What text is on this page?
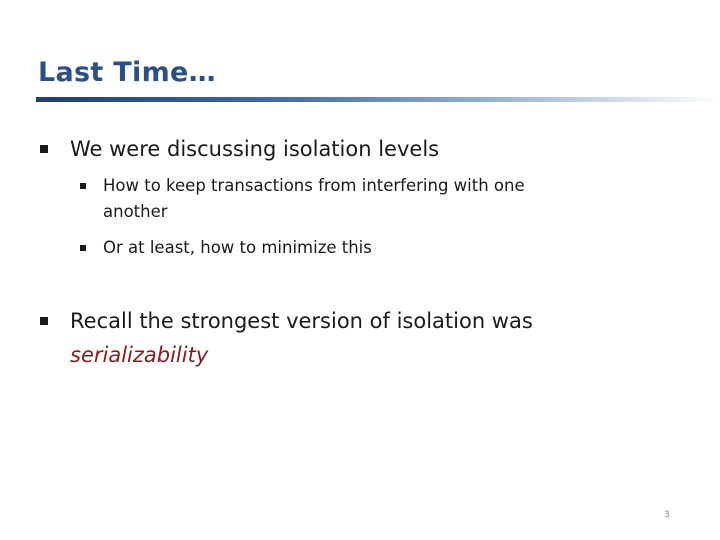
Last Time…
We were discussing isolation levels
How to keep transactions from interfering with one
another
Or at least, how to minimize this
Recall the strongest version of isolation was
serializability
3
